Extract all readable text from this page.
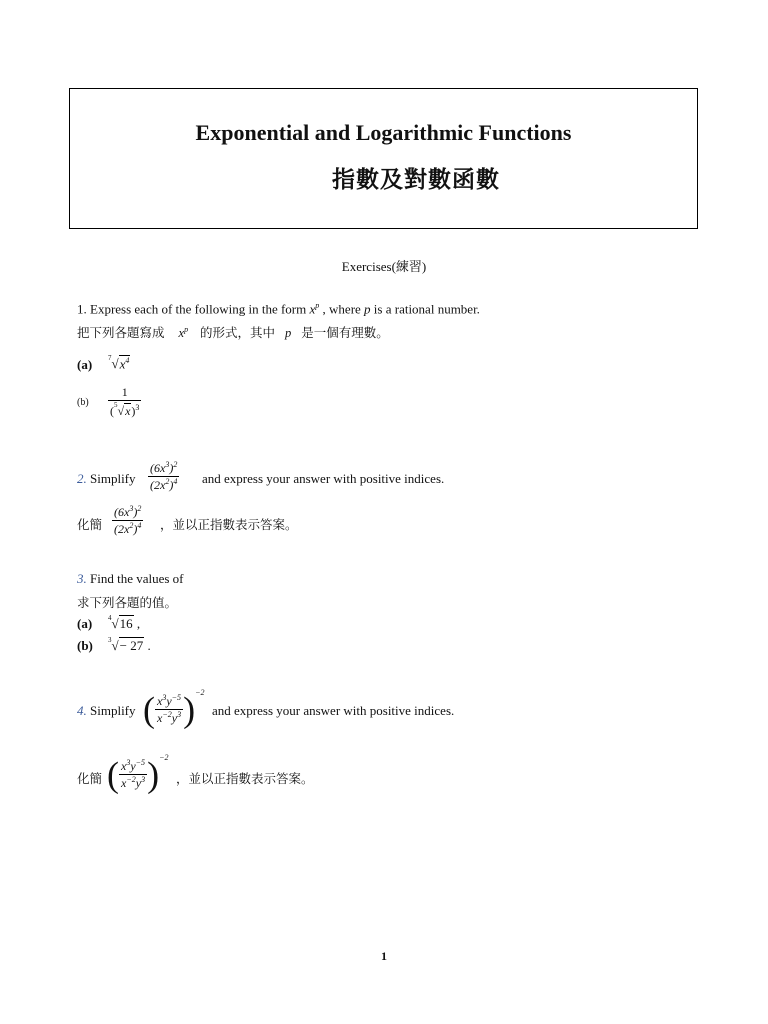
Exponential and Logarithmic Functions
指數及對數函數
Exercises(練習)
1. Express each of the following in the form $x^p$ , where p is a rational number.
把下列各題寫成 $x^p$ 的形式，其中 p 是一個有理數。
(a) $^7√x^4$
$(b) \frac{1}{(^5√x)^3}$
2. Simplify $\frac{(6x^3)^2}{(2x^2)^4}$ and express your answer with positive indices.
化簡 $\frac{(6x^3)^2}{(2x^2)^4}$ ，並以正指數表示答案。
3. Find the values of
求下列各題的值。
(a) $^4$√16 ,
(b) $^3$√− 27 .
4. Simplify ( $\frac{x^3y^{-5}}{x^{-2}y^3} )^{-2}$
and express your answer with positive indices.
化簡 ( $\frac{x^3y^{-5}}{x^{-2}y^3} )^{-2}$
，並以正指數表示答案。
1
